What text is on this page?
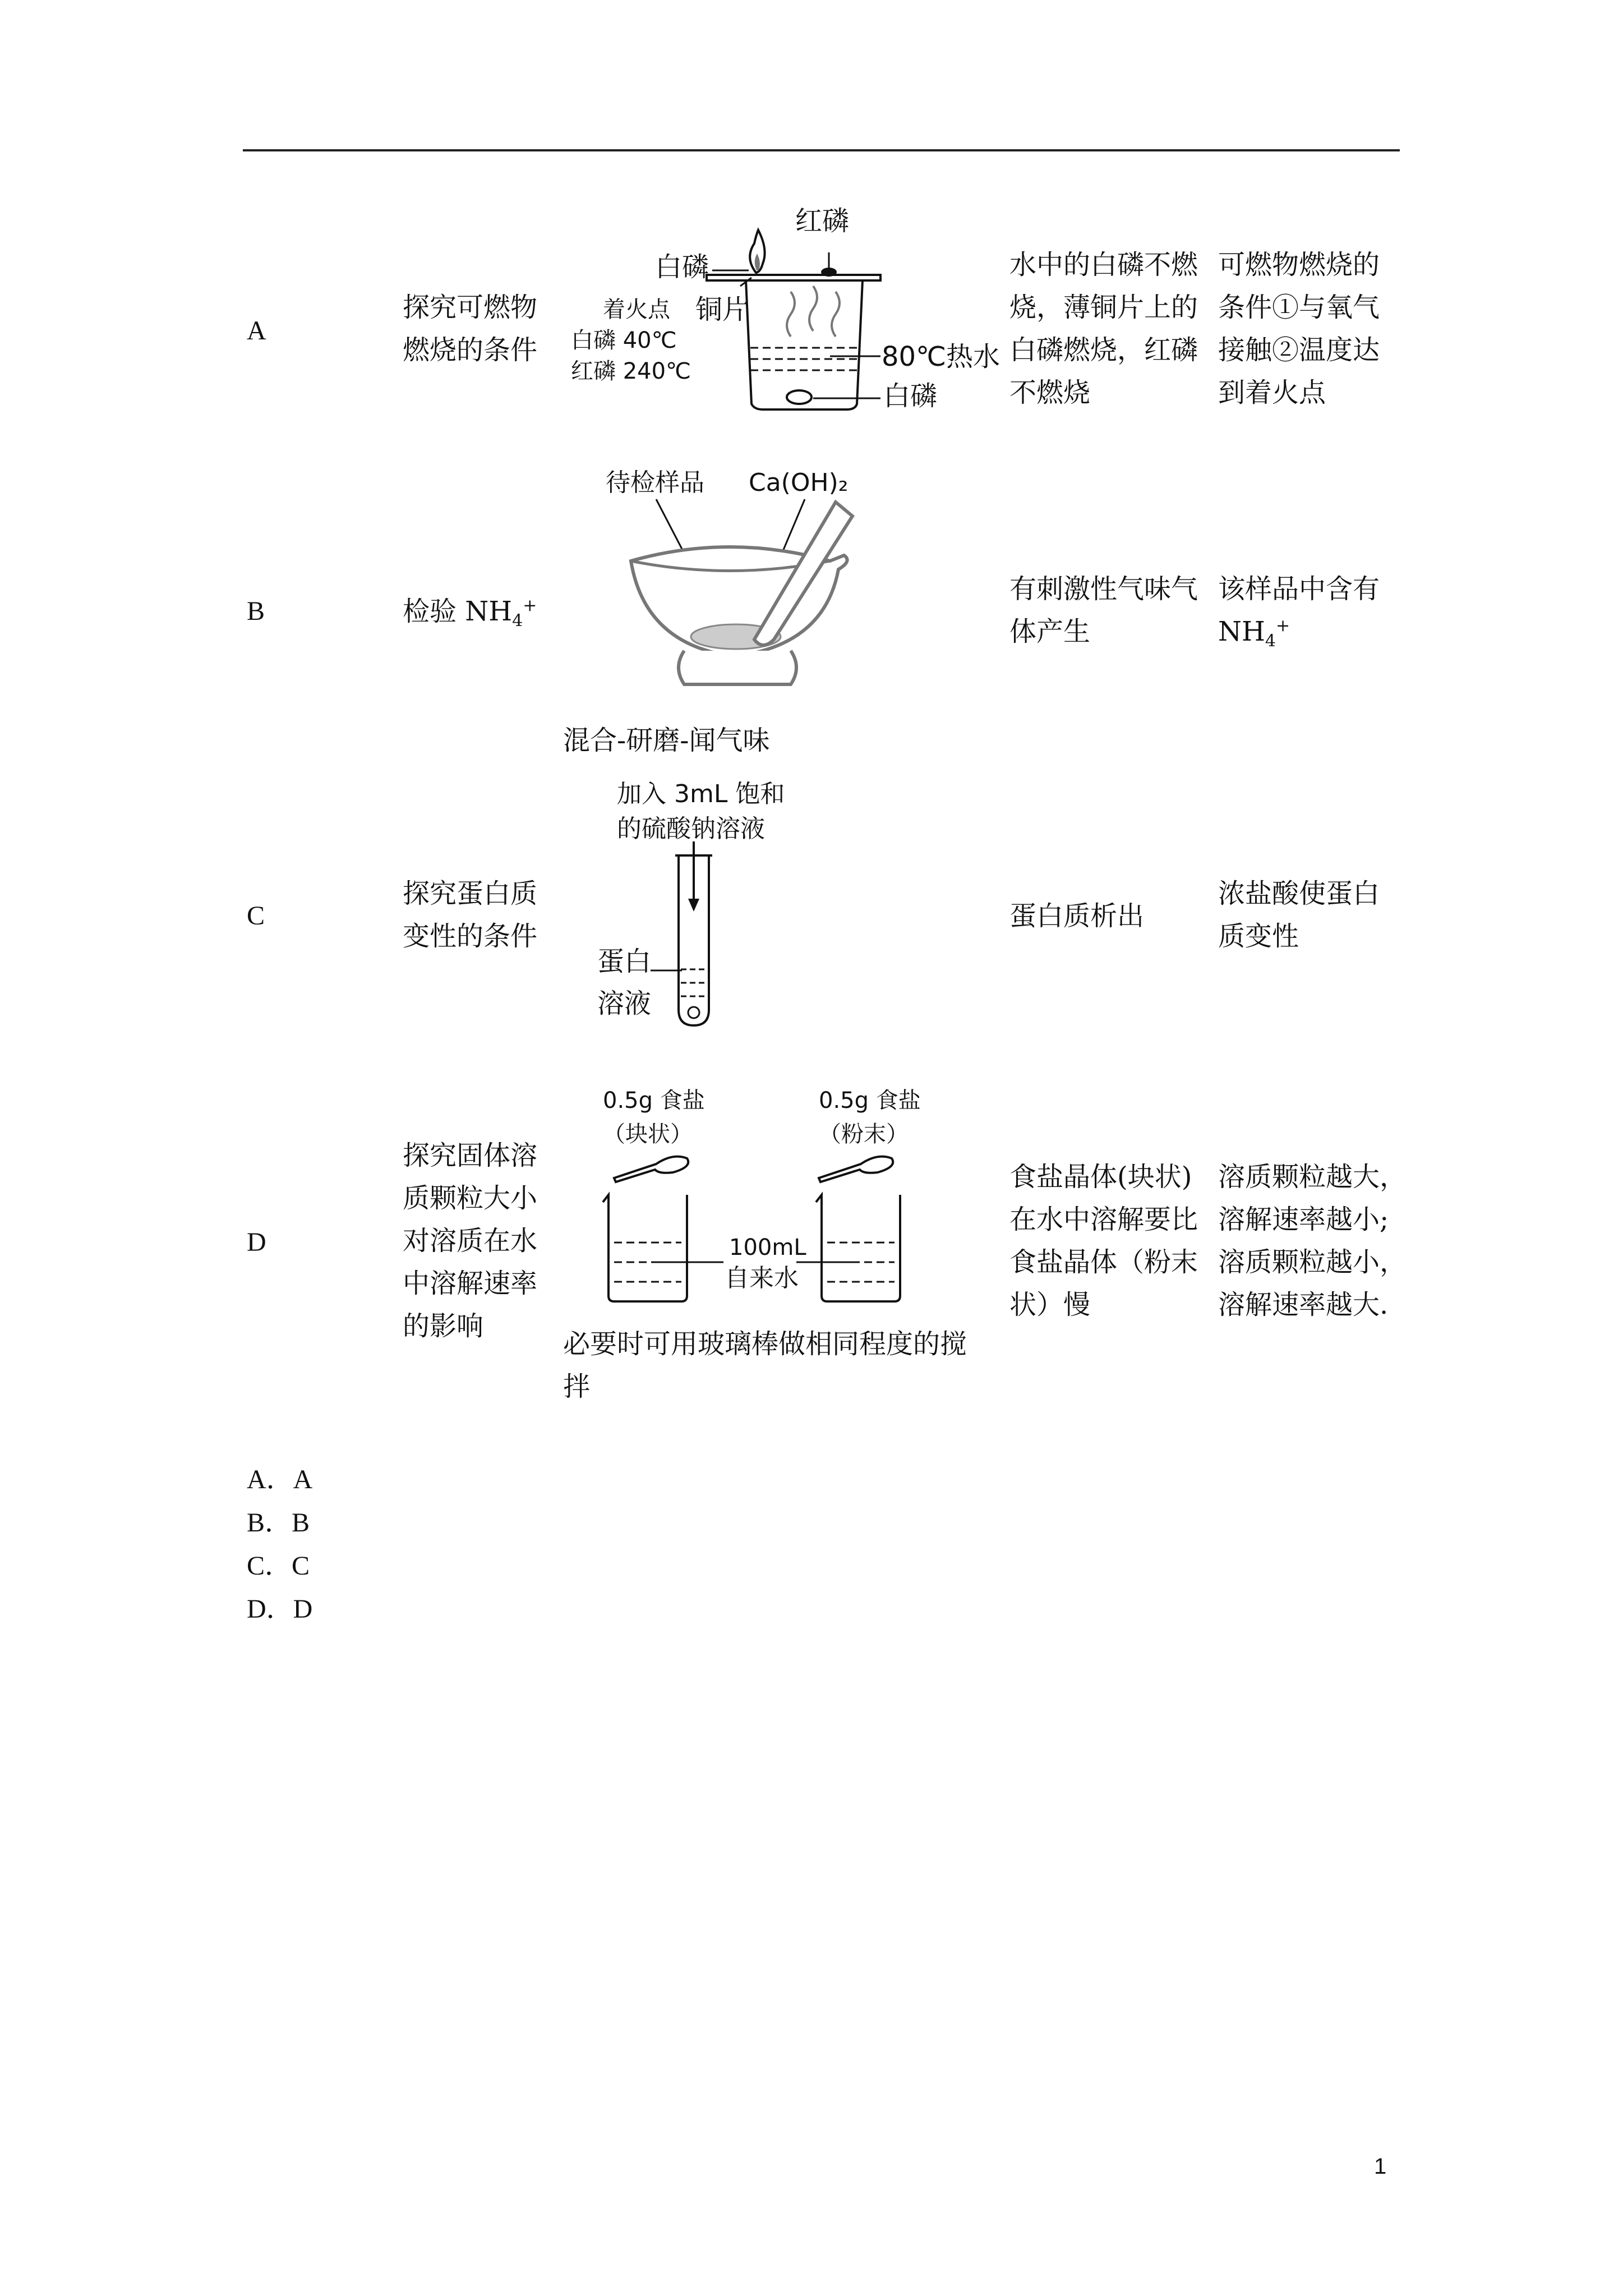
A
探究可燃物
燃烧的条件
红磷
白磷
铜片
着火点
白磷 40℃
红磷 240℃	80℃热水
白磷
水中的白磷不燃
烧，薄铜片上的
白磷燃烧，红磷
不燃烧
可燃物燃烧的
条件①与氧气
接触②温度达
到着火点
B	检验 $NH_4^+$
待检样品 Ca(OH)₂
混合-研磨-闻气味
有刺激性气味气
体产生
该样品中含有
$NH_4^+$
C
探究蛋白质
变性的条件
加入 3mL 饱和
的硫酸钠溶液
蛋白
溶液
蛋白质析出
浓盐酸使蛋白
质变性
D
探究固体溶
质颗粒大小
对溶质在水
中溶解速率
的影响
0.5g 食盐
（块状）
0.5g 食盐
（粉末）
100mL
自来水
必要时可用玻璃棒做相同程度的搅
拌
食盐晶体(块状)
在水中溶解要比
食盐晶体（粉末
状）慢
溶质颗粒越大，
溶解速率越小;
溶质颗粒越小，
溶解速率越大.
A．A
B．B
C．C
D．D
1
